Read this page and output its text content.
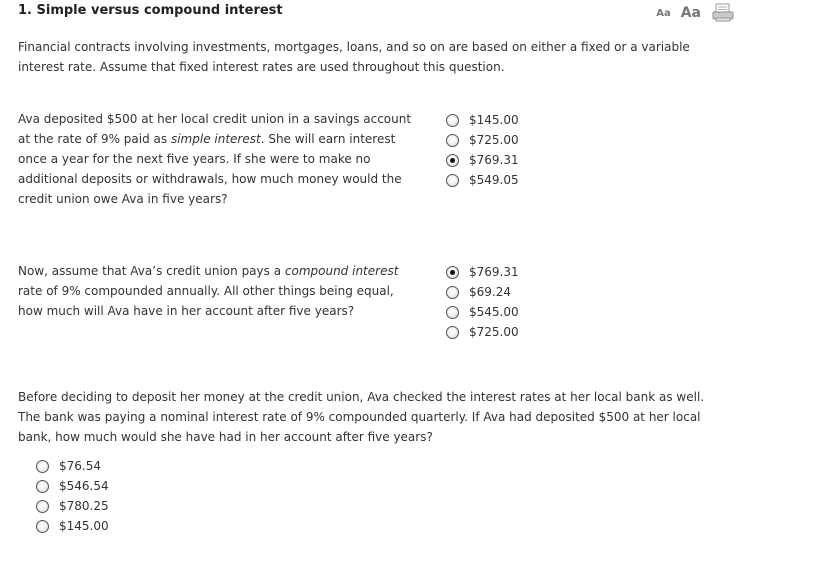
1. Simple versus compound interest	Aa Aa
Financial contracts involving investments, mortgages, loans, and so on are based on either a fixed or a variable
interest rate. Assume that fixed interest rates are used throughout this question.
Ava deposited $500 at her local credit union in a savings account
at the rate of 9% paid as simple interest. She will earn interest
once a year for the next five years. If she were to make no
additional deposits or withdrawals, how much money would the
credit union owe Ava in five years?
$145.00
$725.00
$769.31
$549.05
Now, assume that Ava’s credit union pays a compound interest
rate of 9% compounded annually. All other things being equal,
how much will Ava have in her account after five years?
$769.31
$69.24
$545.00
$725.00
Before deciding to deposit her money at the credit union, Ava checked the interest rates at her local bank as well.
The bank was paying a nominal interest rate of 9% compounded quarterly. If Ava had deposited $500 at her local
bank, how much would she have had in her account after five years?
$76.54
$546.54
$780.25
$145.00
